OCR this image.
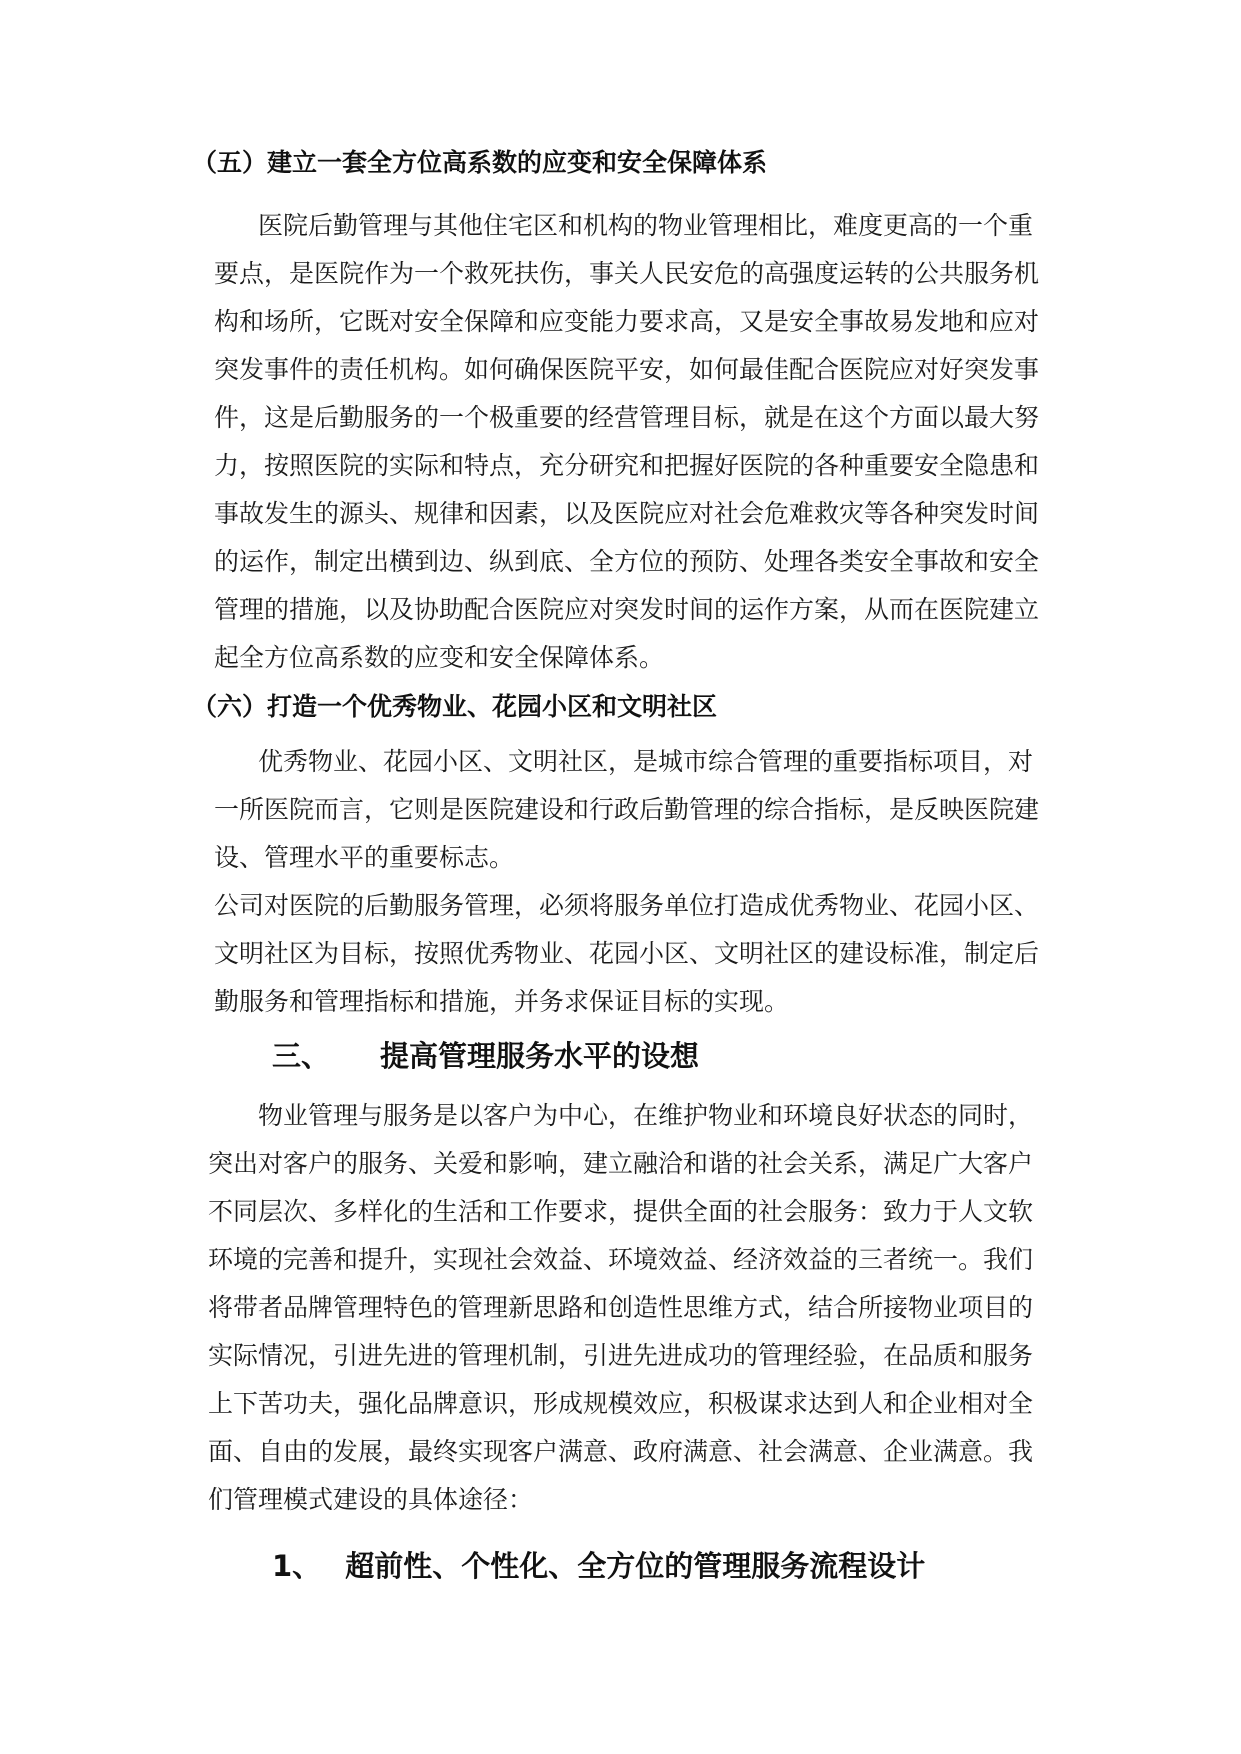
（五）建立一套全方位高系数的应变和安全保障体系
医院后勤管理与其他住宅区和机构的物业管理相比，难度更高的一个重
要点，是医院作为一个救死扶伤，事关人民安危的高强度运转的公共服务机
构和场所，它既对安全保障和应变能力要求高，又是安全事故易发地和应对
突发事件的责任机构。如何确保医院平安，如何最佳配合医院应对好突发事
件，这是后勤服务的一个极重要的经营管理目标，就是在这个方面以最大努
力，按照医院的实际和特点，充分研究和把握好医院的各种重要安全隐患和
事故发生的源头、规律和因素，以及医院应对社会危难救灾等各种突发时间
的运作，制定出横到边、纵到底、全方位的预防、处理各类安全事故和安全
管理的措施，以及协助配合医院应对突发时间的运作方案，从而在医院建立
起全方位高系数的应变和安全保障体系。
（六）打造一个优秀物业、花园小区和文明社区
优秀物业、花园小区、文明社区，是城市综合管理的重要指标项目，对
一所医院而言，它则是医院建设和行政后勤管理的综合指标，是反映医院建
设、管理水平的重要标志。
公司对医院的后勤服务管理，必须将服务单位打造成优秀物业、花园小区、
文明社区为目标，按照优秀物业、花园小区、文明社区的建设标准，制定后
勤服务和管理指标和措施，并务求保证目标的实现。
三、 提高管理服务水平的设想
物业管理与服务是以客户为中心，在维护物业和环境良好状态的同时，
突出对客户的服务、关爱和影响，建立融洽和谐的社会关系，满足广大客户
不同层次、多样化的生活和工作要求，提供全面的社会服务：致力于人文软
环境的完善和提升，实现社会效益、环境效益、经济效益的三者统一。我们
将带者品牌管理特色的管理新思路和创造性思维方式，结合所接物业项目的
实际情况，引进先进的管理机制，引进先进成功的管理经验，在品质和服务
上下苦功夫，强化品牌意识，形成规模效应，积极谋求达到人和企业相对全
面、自由的发展，最终实现客户满意、政府满意、社会满意、企业满意。我
们管理模式建设的具体途径：
1、 超前性、个性化、全方位的管理服务流程设计
